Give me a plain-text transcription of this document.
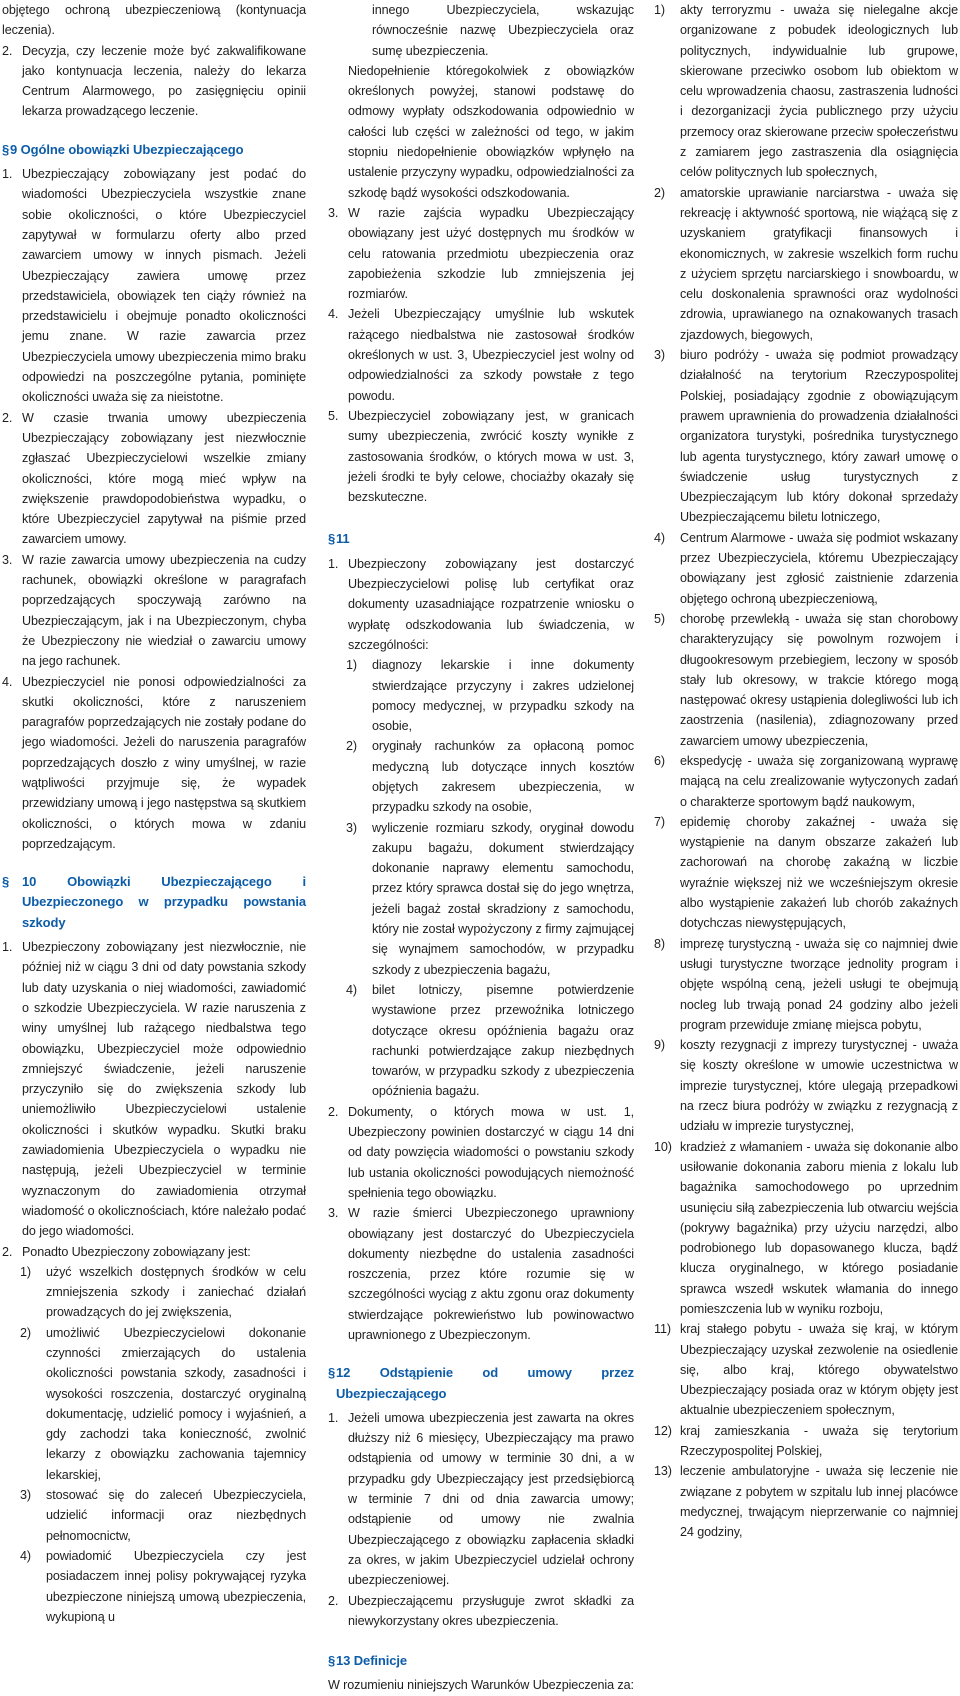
objętego ochroną ubezpieczeniową (kontynuacja leczenia).

2. Decyzja, czy leczenie może być zakwalifikowane jako kontynuacja leczenia, należy do lekarza Centrum Alarmowego, po zasięgnięciu opinii lekarza prowadzącego leczenie.
§ 9 Ogólne obowiązki Ubezpieczającego
1. Ubezpieczający zobowiązany jest podać do wiadomości Ubezpieczyciela wszystkie znane sobie okoliczności, o które Ubezpieczyciel zapytywał w formularzu oferty albo przed zawarciem umowy w innych pismach. Jeżeli Ubezpieczający zawiera umowę przez przedstawiciela, obowiązek ten ciąży również na przedstawicielu i obejmuje ponadto okoliczności jemu znane. W razie zawarcia przez Ubezpieczyciela umowy ubezpieczenia mimo braku odpowiedzi na poszczególne pytania, pominięte okoliczności uważa się za nieistotne.
2. W czasie trwania umowy ubezpieczenia Ubezpieczający zobowiązany jest niezwłocznie zgłaszać Ubezpieczycielowi wszelkie zmiany okoliczności, które mogą mieć wpływ na zwiększenie prawdopodobieństwa wypadku, o które Ubezpieczyciel zapytywał na piśmie przed zawarciem umowy.
3. W razie zawarcia umowy ubezpieczenia na cudzy rachunek, obowiązki określone w paragrafach poprzedzających spoczywają zarówno na Ubezpieczającym, jak i na Ubezpieczonym, chyba że Ubezpieczony nie wiedział o zawarciu umowy na jego rachunek.
4. Ubezpieczyciel nie ponosi odpowiedzialności za skutki okoliczności, które z naruszeniem paragrafów poprzedzających nie zostały podane do jego wiadomości. Jeżeli do naruszenia paragrafów poprzedzających doszło z winy umyślnej, w razie wątpliwości przyjmuje się, że wypadek przewidziany umową i jego następstwa są skutkiem okoliczności, o których mowa w zdaniu poprzedzającym.
§ 10 Obowiązki Ubezpieczającego i Ubezpieczonego w przypadku powstania szkody
1. Ubezpieczony zobowiązany jest niezwłocznie, nie później niż w ciągu 3 dni od daty powstania szkody lub daty uzyskania o niej wiadomości, zawiadomić o szkodzie Ubezpieczyciela. W razie naruszenia z winy umyślnej lub rażącego niedbalstwa tego obowiązku, Ubezpieczyciel może odpowiednio zmniejszyć świadczenie, jeżeli naruszenie przyczyniło się do zwiększenia szkody lub uniemożliwiło Ubezpieczycielowi ustalenie okoliczności i skutków wypadku. Skutki braku zawiadomienia Ubezpieczyciela o wypadku nie następują, jeżeli Ubezpieczyciel w terminie wyznaczonym do zawiadomienia otrzymał wiadomość o okolicznościach, które należało podać do jego wiadomości.
2. Ponadto Ubezpieczony zobowiązany jest:
1) użyć wszelkich dostępnych środków w celu zmniejszenia szkody i zaniechać działań prowadzących do jej zwiększenia,
2) umożliwić Ubezpieczycielowi dokonanie czynności zmierzających do ustalenia okoliczności powstania szkody, zasadności i wysokości roszczenia, dostarczyć oryginalną dokumentację, udzielić pomocy i wyjaśnień, a gdy zachodzi taka konieczność, zwolnić lekarzy z obowiązku zachowania tajemnicy lekarskiej,
3) stosować się do zaleceń Ubezpieczyciela, udzielić informacji oraz niezbędnych pełnomocnictw,
4) powiadomić Ubezpieczyciela czy jest posiadaczem innej polisy pokrywającej ryzyka ubezpieczone niniejszą umową ubezpieczenia, wykupioną u

innego Ubezpieczyciela, wskazując równocześnie nazwę Ubezpieczyciela oraz sumę ubezpieczenia.

Niedopełnienie któregokolwiek z obowiązków określonych powyżej, stanowi podstawę do odmowy wypłaty odszkodowania odpowiednio w całości lub części w zależności od tego, w jakim stopniu niedopełnienie obowiązków wpłynęło na ustalenie przyczyny wypadku, odpowiedzialności za szkodę bądź wysokości odszkodowania.

3. W razie zajścia wypadku Ubezpieczający obowiązany jest użyć dostępnych mu środków w celu ratowania przedmiotu ubezpieczenia oraz zapobieżenia szkodzie lub zmniejszenia jej rozmiarów.
4. Jeżeli Ubezpieczający umyślnie lub wskutek rażącego niedbalstwa nie zastosował środków określonych w ust. 3, Ubezpieczyciel jest wolny od odpowiedzialności za szkody powstałe z tego powodu.
5. Ubezpieczyciel zobowiązany jest, w granicach sumy ubezpieczenia, zwrócić koszty wynikłe z zastosowania środków, o których mowa w ust. 3, jeżeli środki te były celowe, chociażby okazały się bezskuteczne.
§ 11
1. Ubezpieczony zobowiązany jest dostarczyć Ubezpieczycielowi polisę lub certyfikat oraz dokumenty uzasadniające rozpatrzenie wniosku o wypłatę odszkodowania lub świadczenia, w szczególności:
1) diagnozy lekarskie i inne dokumenty stwierdzające przyczyny i zakres udzielonej pomocy medycznej, w przypadku szkody na osobie,
2) oryginały rachunków za opłaconą pomoc medyczną lub dotyczące innych kosztów objętych zakresem ubezpieczenia, w przypadku szkody na osobie,
3) wyliczenie rozmiaru szkody, oryginał dowodu zakupu bagażu, dokument stwierdzający dokonanie naprawy elementu samochodu, przez który sprawca dostał się do jego wnętrza, jeżeli bagaż został skradziony z samochodu, który nie został wypożyczony z firmy zajmującej się wynajmem samochodów, w przypadku szkody z ubezpieczenia bagażu,
4) bilet lotniczy, pisemne potwierdzenie wystawione przez przewoźnika lotniczego dotyczące okresu opóźnienia bagażu oraz rachunki potwierdzające zakup niezbędnych towarów, w przypadku szkody z ubezpieczenia opóźnienia bagażu.
2. Dokumenty, o których mowa w ust. 1, Ubezpieczony powinien dostarczyć w ciągu 14 dni od daty powzięcia wiadomości o powstaniu szkody lub ustania okoliczności powodujących niemożność spełnienia tego obowiązku.
3. W razie śmierci Ubezpieczonego uprawniony obowiązany jest dostarczyć do Ubezpieczyciela dokumenty niezbędne do ustalenia zasadności roszczenia, przez które rozumie się w szczególności wyciąg z aktu zgonu oraz dokumenty stwierdzające pokrewieństwo lub powinowactwo uprawnionego z Ubezpieczonym.
§ 12 Odstąpienie od umowy przez Ubezpieczającego
1. Jeżeli umowa ubezpieczenia jest zawarta na okres dłuższy niż 6 miesięcy, Ubezpieczający ma prawo odstąpienia od umowy w terminie 30 dni, a w przypadku gdy Ubezpieczający jest przedsiębiorcą w terminie 7 dni od dnia zawarcia umowy; odstąpienie od umowy nie zwalnia Ubezpieczającego z obowiązku zapłacenia składki za okres, w jakim Ubezpieczyciel udzielał ochrony ubezpieczeniowej.
2. Ubezpieczającemu przysługuje zwrot składki za niewykorzystany okres ubezpieczenia.
§ 13 Definicje

W rozumieniu niniejszych Warunków Ubezpieczenia za:

1) akty terroryzmu - uważa się nielegalne akcje organizowane z pobudek ideologicznych lub politycznych, indywidualnie lub grupowe, skierowane przeciwko osobom lub obiektom w celu wprowadzenia chaosu, zastraszenia ludności i dezorganizacji życia publicznego przy użyciu przemocy oraz skierowane przeciw społeczeństwu z zamiarem jego zastraszenia dla osiągnięcia celów politycznych lub społecznych,
2) amatorskie uprawianie narciarstwa - uważa się rekreację i aktywność sportową, nie wiążącą się z uzyskaniem gratyfikacji finansowych i ekonomicznych, w zakresie wszelkich form ruchu z użyciem sprzętu narciarskiego i snowboardu, w celu doskonalenia sprawności oraz wydolności zdrowia, uprawianego na oznakowanych trasach zjazdowych, biegowych,
3) biuro podróży - uważa się podmiot prowadzący działalność na terytorium Rzeczypospolitej Polskiej, posiadający zgodnie z obowiązującym prawem uprawnienia do prowadzenia działalności organizatora turystyki, pośrednika turystycznego lub agenta turystycznego, który zawarł umowę o świadczenie usług turystycznych z Ubezpieczającym lub który dokonał sprzedaży Ubezpieczającemu biletu lotniczego,
4) Centrum Alarmowe - uważa się podmiot wskazany przez Ubezpieczyciela, któremu Ubezpieczający obowiązany jest zgłosić zaistnienie zdarzenia objętego ochroną ubezpieczeniową,
5) chorobę przewlekłą - uważa się stan chorobowy charakteryzujący się powolnym rozwojem i długookresowym przebiegiem, leczony w sposób stały lub okresowy, w trakcie którego mogą następować okresy ustąpienia dolegliwości lub ich zaostrzenia (nasilenia), zdiagnozowany przed zawarciem umowy ubezpieczenia,
6) ekspedycję - uważa się zorganizowaną wyprawę mającą na celu zrealizowanie wytyczonych zadań o charakterze sportowym bądź naukowym,
7) epidemię choroby zakaźnej - uważa się wystąpienie na danym obszarze zakażeń lub zachorowań na chorobę zakaźną w liczbie wyraźnie większej niż we wcześniejszym okresie albo wystąpienie zakażeń lub chorób zakaźnych dotychczas niewystępujących,
8) imprezę turystyczną - uważa się co najmniej dwie usługi turystyczne tworzące jednolity program i objęte wspólną ceną, jeżeli usługi te obejmują nocleg lub trwają ponad 24 godziny albo jeżeli program przewiduje zmianę miejsca pobytu,
9) koszty rezygnacji z imprezy turystycznej - uważa się koszty określone w umowie uczestnictwa w imprezie turystycznej, które ulegają przepadkowi na rzecz biura podróży w związku z rezygnacją z udziału w imprezie turystycznej,
10) kradzież z włamaniem - uważa się dokonanie albo usiłowanie dokonania zaboru mienia z lokalu lub bagażnika samochodowego po uprzednim usunięciu siłą zabezpieczenia lub otwarciu wejścia (pokrywy bagażnika) przy użyciu narzędzi, albo podrobionego lub dopasowanego klucza, bądź klucza oryginalnego, w którego posiadanie sprawca wszedł wskutek włamania do innego pomieszczenia lub w wyniku rozboju,
11) kraj stałego pobytu - uważa się kraj, w którym Ubezpieczający uzyskał zezwolenie na osiedlenie się, albo kraj, którego obywatelstwo Ubezpieczający posiada oraz w którym objęty jest aktualnie ubezpieczeniem społecznym,
12) kraj zamieszkania - uważa się terytorium Rzeczypospolitej Polskiej,
13) leczenie ambulatoryjne - uważa się leczenie nie związane z pobytem w szpitalu lub innej placówce medycznej, trwającym nieprzerwanie co najmniej 24 godziny,
